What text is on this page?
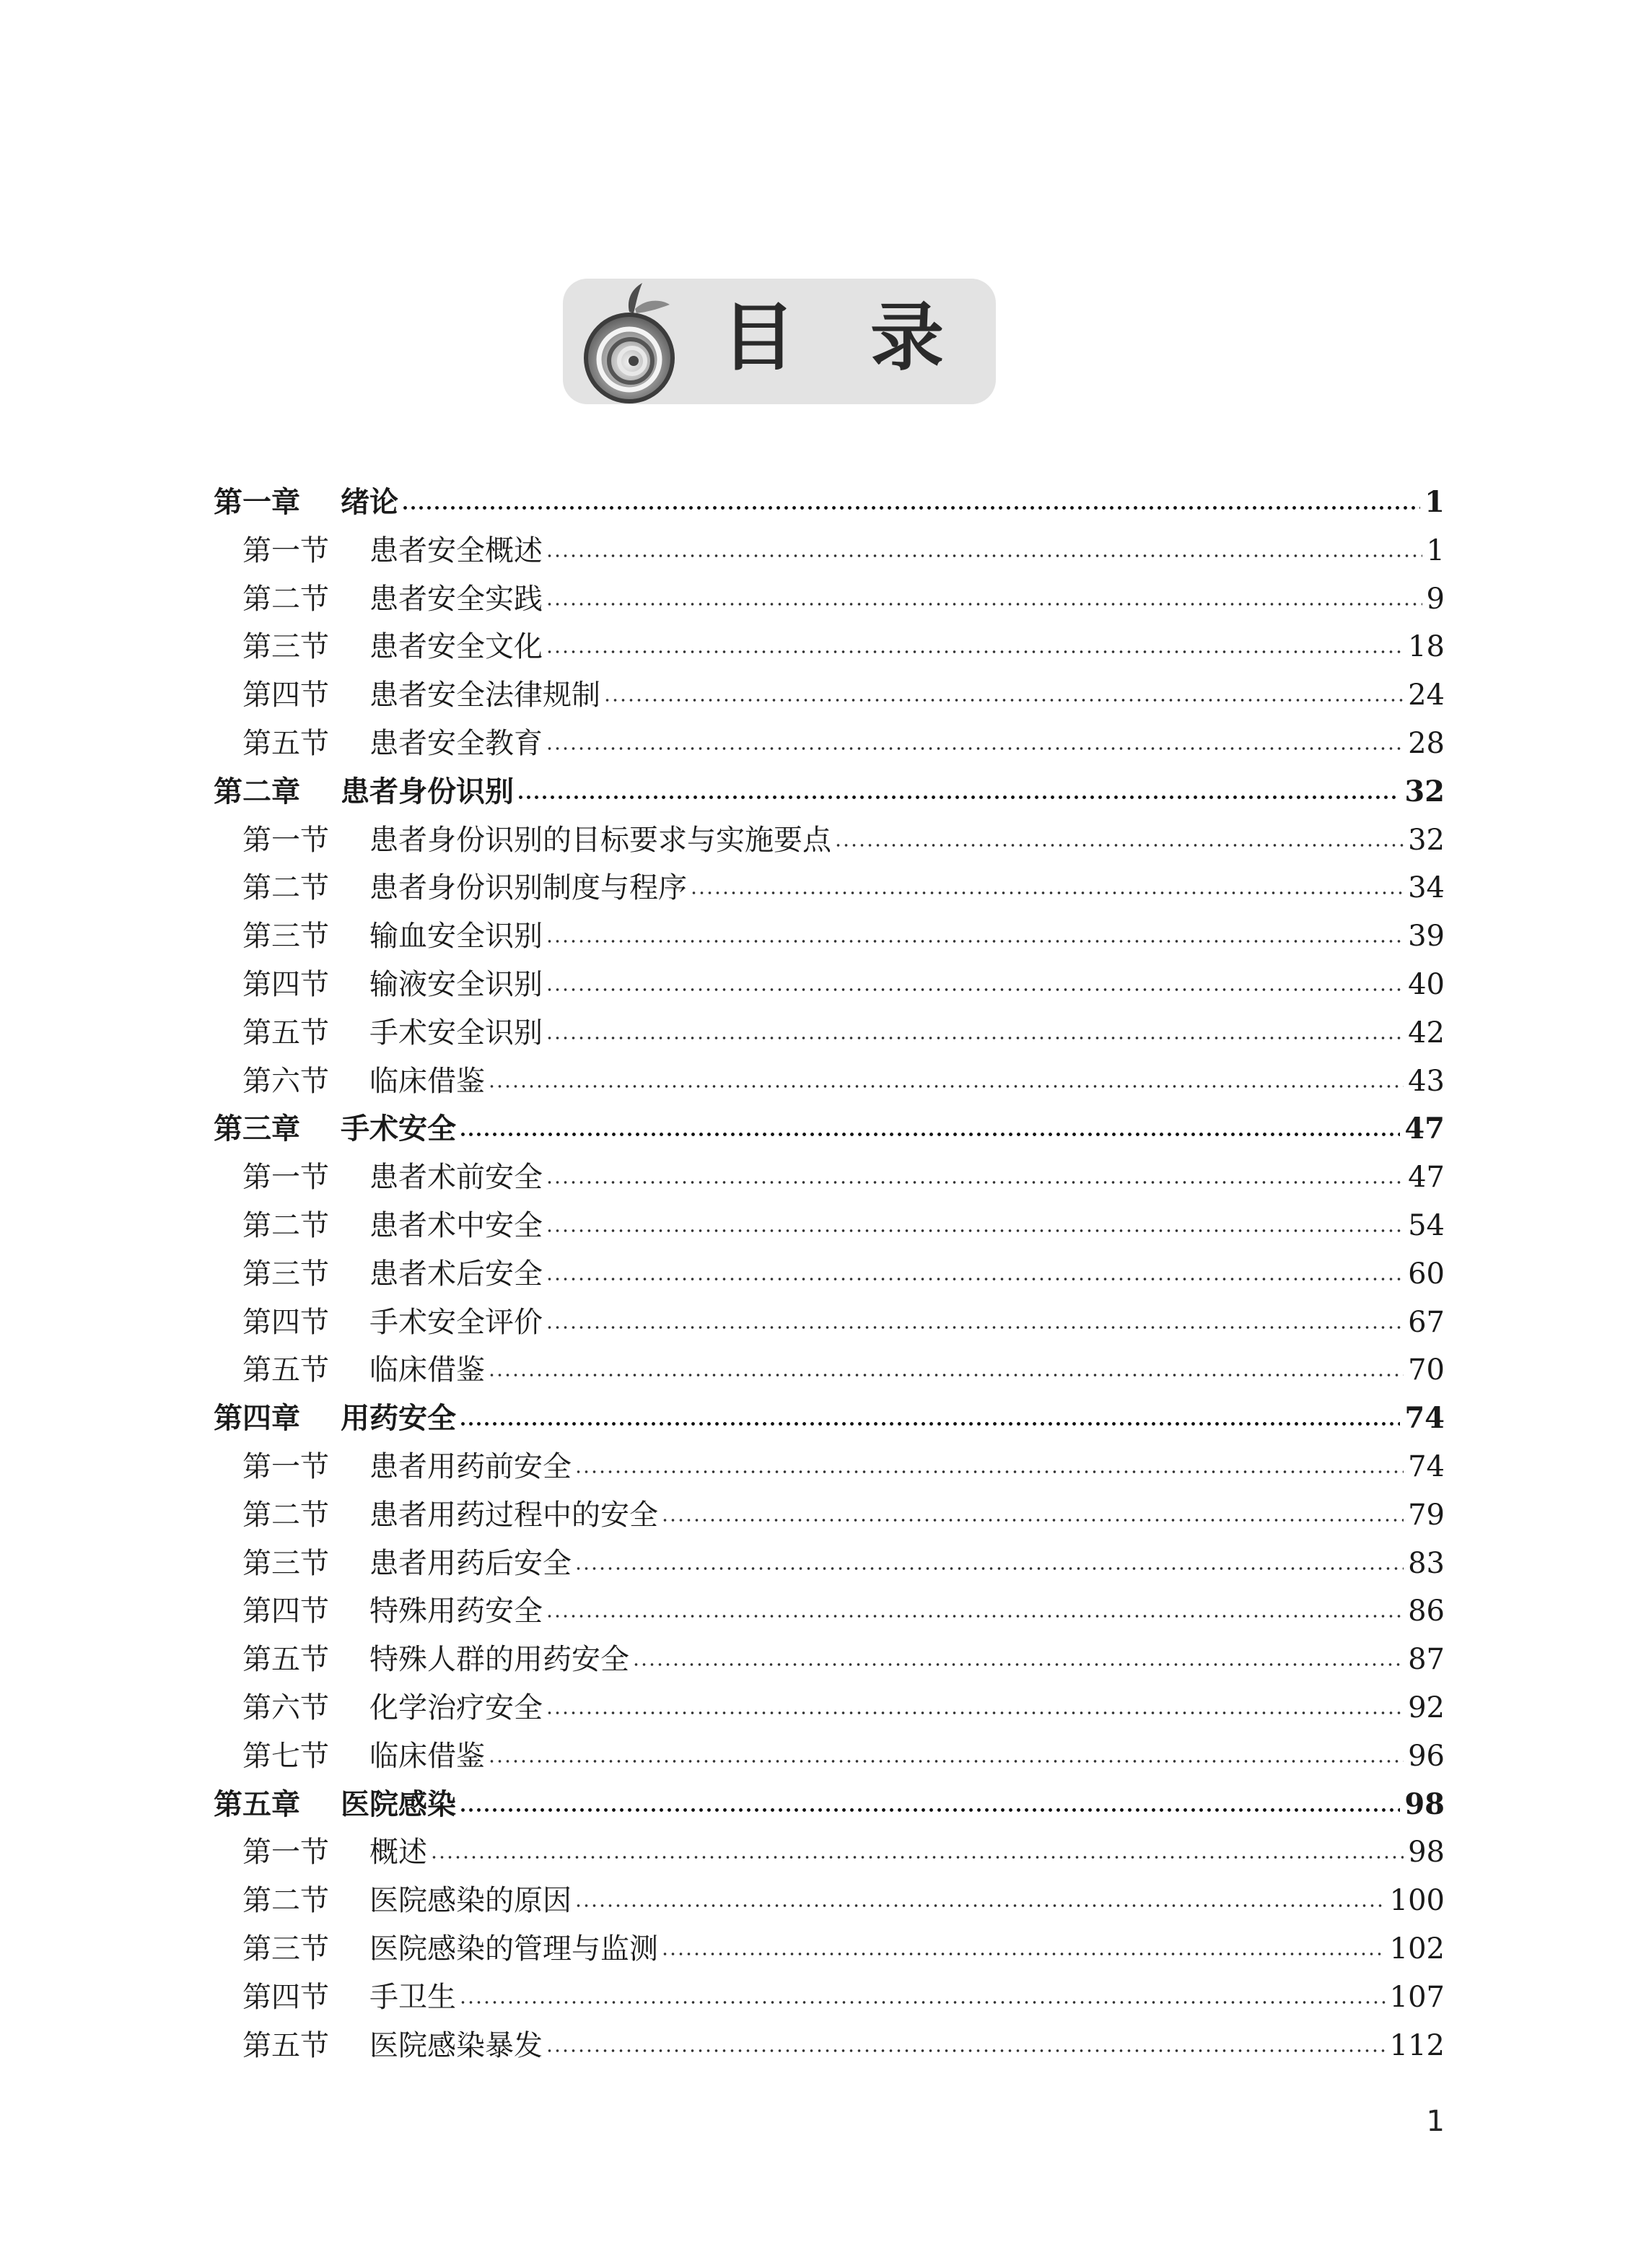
目 录
第一章	绪论	1
第一节	患者安全概述	1
第二节	患者安全实践	9
第三节	患者安全文化	18
第四节	患者安全法律规制	24
第五节	患者安全教育	28
第二章	患者身份识别	32
第一节	患者身份识别的目标要求与实施要点	32
第二节	患者身份识别制度与程序	34
第三节	输血安全识别	39
第四节	输液安全识别	40
第五节	手术安全识别	42
第六节	临床借鉴	43
第三章	手术安全	47
第一节	患者术前安全	47
第二节	患者术中安全	54
第三节	患者术后安全	60
第四节	手术安全评价	67
第五节	临床借鉴	70
第四章	用药安全	74
第一节	患者用药前安全	74
第二节	患者用药过程中的安全	79
第三节	患者用药后安全	83
第四节	特殊用药安全	86
第五节	特殊人群的用药安全	87
第六节	化学治疗安全	92
第七节	临床借鉴	96
第五章	医院感染	98
第一节	概述	98
第二节	医院感染的原因	100
第三节	医院感染的管理与监测	102
第四节	手卫生	107
第五节	医院感染暴发	112
1
